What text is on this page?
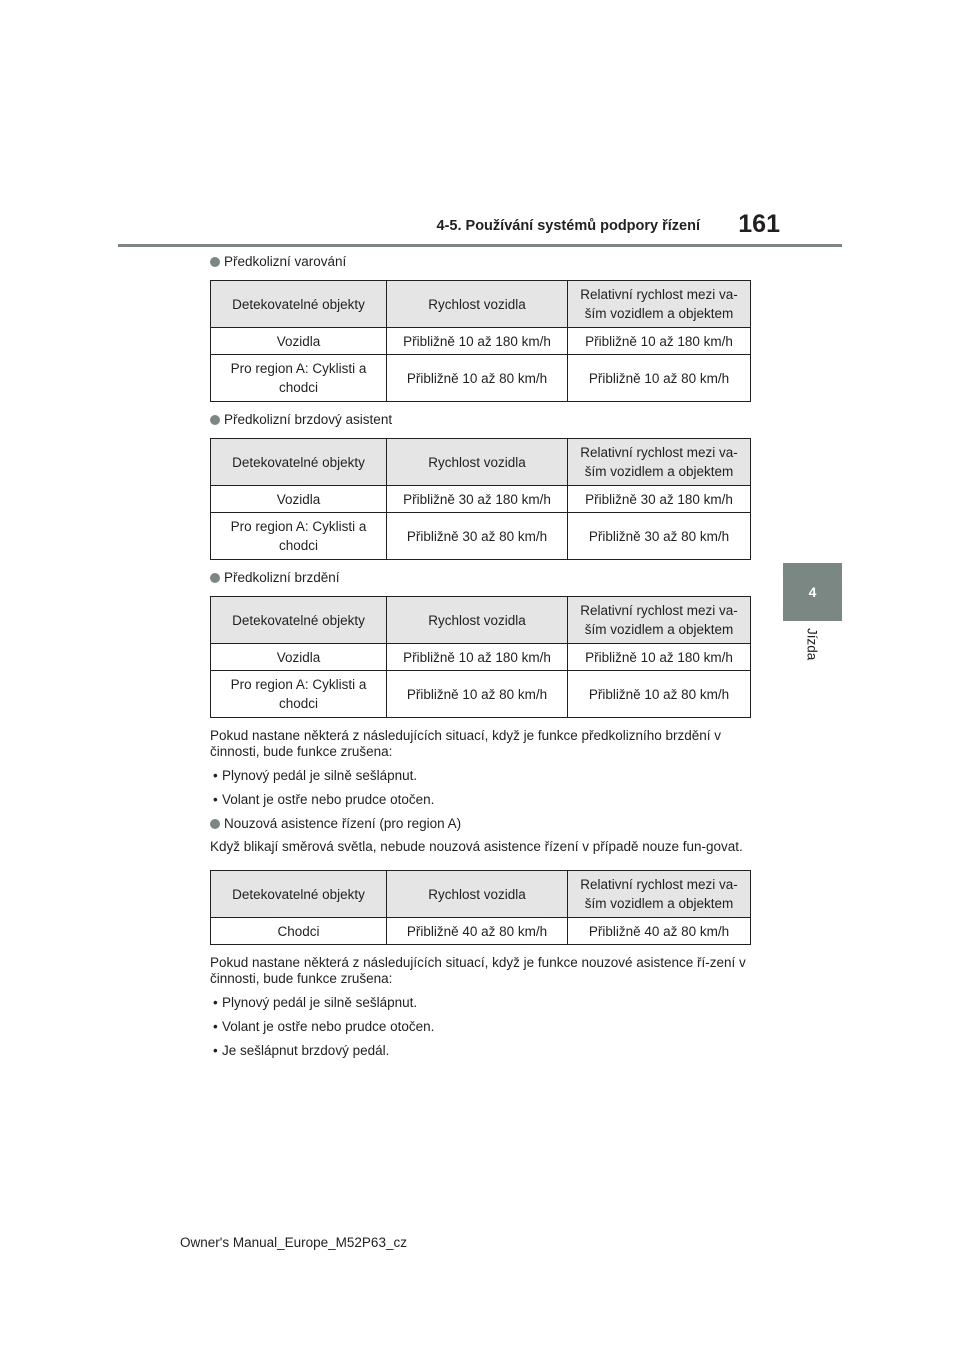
4-5. Používání systémů podpory řízení	161
4
Jízda
Předkolizní varování
Detekovatelné objekty	Rychlost vozidla	Relativní rychlost mezi va-ším vozidlem a objektem
Vozidla	Přibližně 10 až 180 km/h	Přibližně 10 až 180 km/h
Pro region A: Cyklisti a chodci	Přibližně 10 až 80 km/h	Přibližně 10 až 80 km/h
Předkolizní brzdový asistent
Detekovatelné objekty	Rychlost vozidla	Relativní rychlost mezi va-ším vozidlem a objektem
Vozidla	Přibližně 30 až 180 km/h	Přibližně 30 až 180 km/h
Pro region A: Cyklisti a chodci	Přibližně 30 až 80 km/h	Přibližně 30 až 80 km/h
Předkolizní brzdění
Detekovatelné objekty	Rychlost vozidla	Relativní rychlost mezi va-ším vozidlem a objektem
Vozidla	Přibližně 10 až 180 km/h	Přibližně 10 až 180 km/h
Pro region A: Cyklisti a chodci	Přibližně 10 až 80 km/h	Přibližně 10 až 80 km/h

Pokud nastane některá z následujících situací, když je funkce předkolizního brzdění v činnosti, bude funkce zrušena:

• Plynový pedál je silně sešlápnut.
• Volant je ostře nebo prudce otočen.
Nouzová asistence řízení (pro region A)

Když blikají směrová světla, nebude nouzová asistence řízení v případě nouze fun-govat.

Detekovatelné objekty	Rychlost vozidla	Relativní rychlost mezi va-ším vozidlem a objektem
Chodci	Přibližně 40 až 80 km/h	Přibližně 40 až 80 km/h

Pokud nastane některá z následujících situací, když je funkce nouzové asistence ří-zení v činnosti, bude funkce zrušena:

• Plynový pedál je silně sešlápnut.
• Volant je ostře nebo prudce otočen.
• Je sešlápnut brzdový pedál.
Owner's Manual_Europe_M52P63_cz
